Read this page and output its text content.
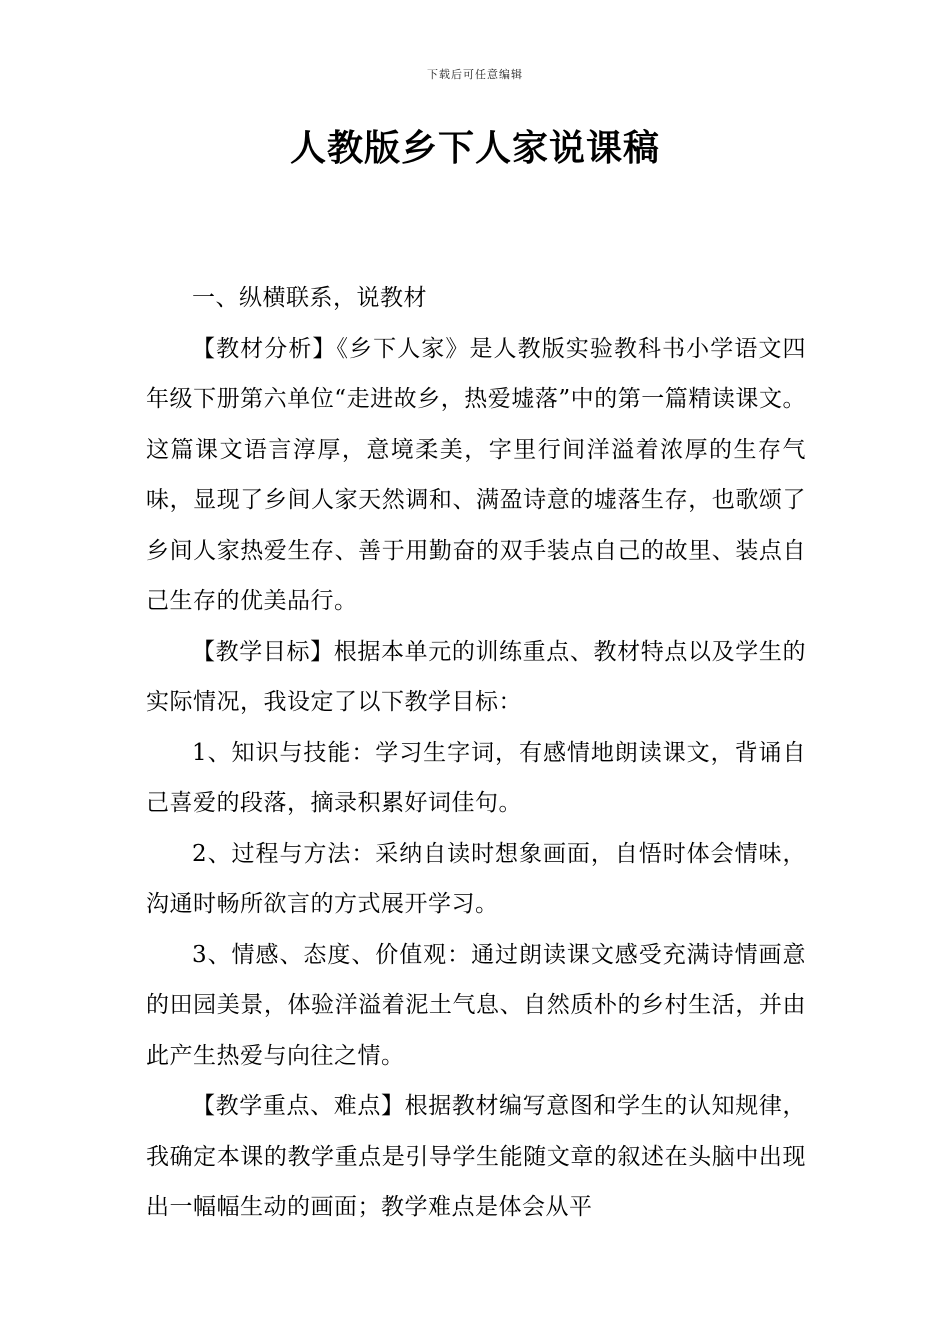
下载后可任意编辑
人教版乡下人家说课稿

一、纵横联系，说教材

【教材分析】《乡下人家》是人教版实验教科书小学语文四年级下册第六单位“走进故乡，热爱墟落”中的第一篇精读课文。这篇课文语言淳厚，意境柔美，字里行间洋溢着浓厚的生存气味，显现了乡间人家天然调和、满盈诗意的墟落生存，也歌颂了乡间人家热爱生存、善于用勤奋的双手装点自己的故里、装点自己生存的优美品行。

【教学目标】根据本单元的训练重点、教材特点以及学生的实际情况，我设定了以下教学目标：

1、知识与技能：学习生字词，有感情地朗读课文，背诵自己喜爱的段落，摘录积累好词佳句。

2、过程与方法：采纳自读时想象画面，自悟时体会情味，沟通时畅所欲言的方式展开学习。

3、情感、态度、价值观：通过朗读课文感受充满诗情画意的田园美景，体验洋溢着泥土气息、自然质朴的乡村生活，并由此产生热爱与向往之情。

【教学重点、难点】根据教材编写意图和学生的认知规律，我确定本课的教学重点是引导学生能随文章的叙述在头脑中出现出一幅幅生动的画面；教学难点是体会从平
